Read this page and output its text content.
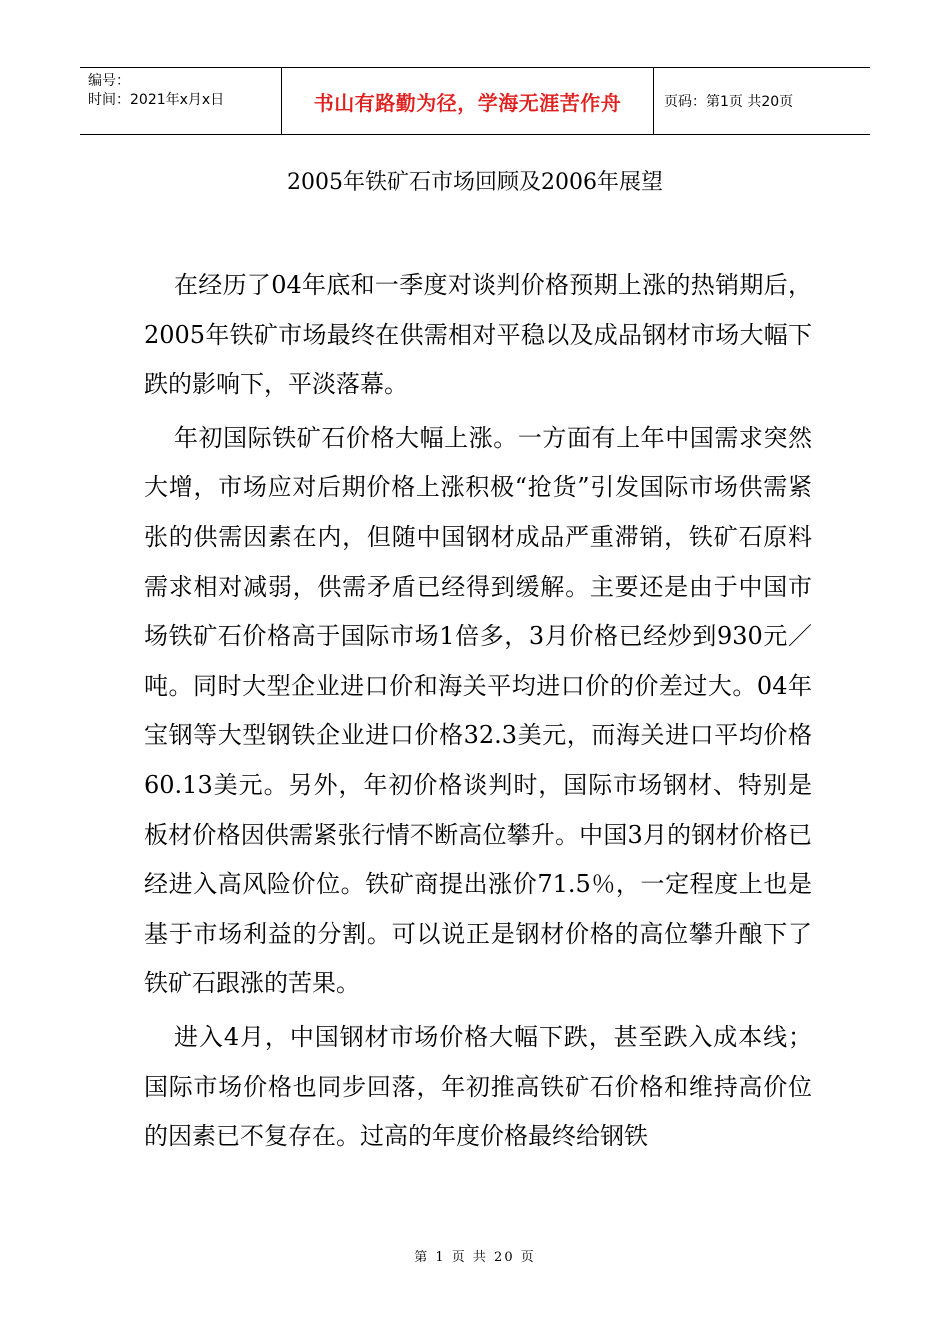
编号：
时间：2021年x月x日	书山有路勤为径，学海无涯苦作舟	页码：第1页 共20页
2005年铁矿石市场回顾及2006年展望

在经历了04年底和一季度对谈判价格预期上涨的热销期后，2005年铁矿市场最终在供需相对平稳以及成品钢材市场大幅下跌的影响下，平淡落幕。

年初国际铁矿石价格大幅上涨。一方面有上年中国需求突然大增，市场应对后期价格上涨积极“抢货”引发国际市场供需紧张的供需因素在内，但随中国钢材成品严重滞销，铁矿石原料需求相对减弱，供需矛盾已经得到缓解。主要还是由于中国市场铁矿石价格高于国际市场1倍多，3月价格已经炒到930元／吨。同时大型企业进口价和海关平均进口价的价差过大。04年宝钢等大型钢铁企业进口价格32.3美元，而海关进口平均价格60.13美元。另外，年初价格谈判时，国际市场钢材、特别是板材价格因供需紧张行情不断高位攀升。中国3月的钢材价格已经进入高风险价位。铁矿商提出涨价71.5％，一定程度上也是基于市场利益的分割。可以说正是钢材价格的高位攀升酿下了铁矿石跟涨的苦果。

进入4月，中国钢材市场价格大幅下跌，甚至跌入成本线；国际市场价格也同步回落，年初推高铁矿石价格和维持高价位的因素已不复存在。过高的年度价格最终给钢铁

第 1 页 共 20 页
